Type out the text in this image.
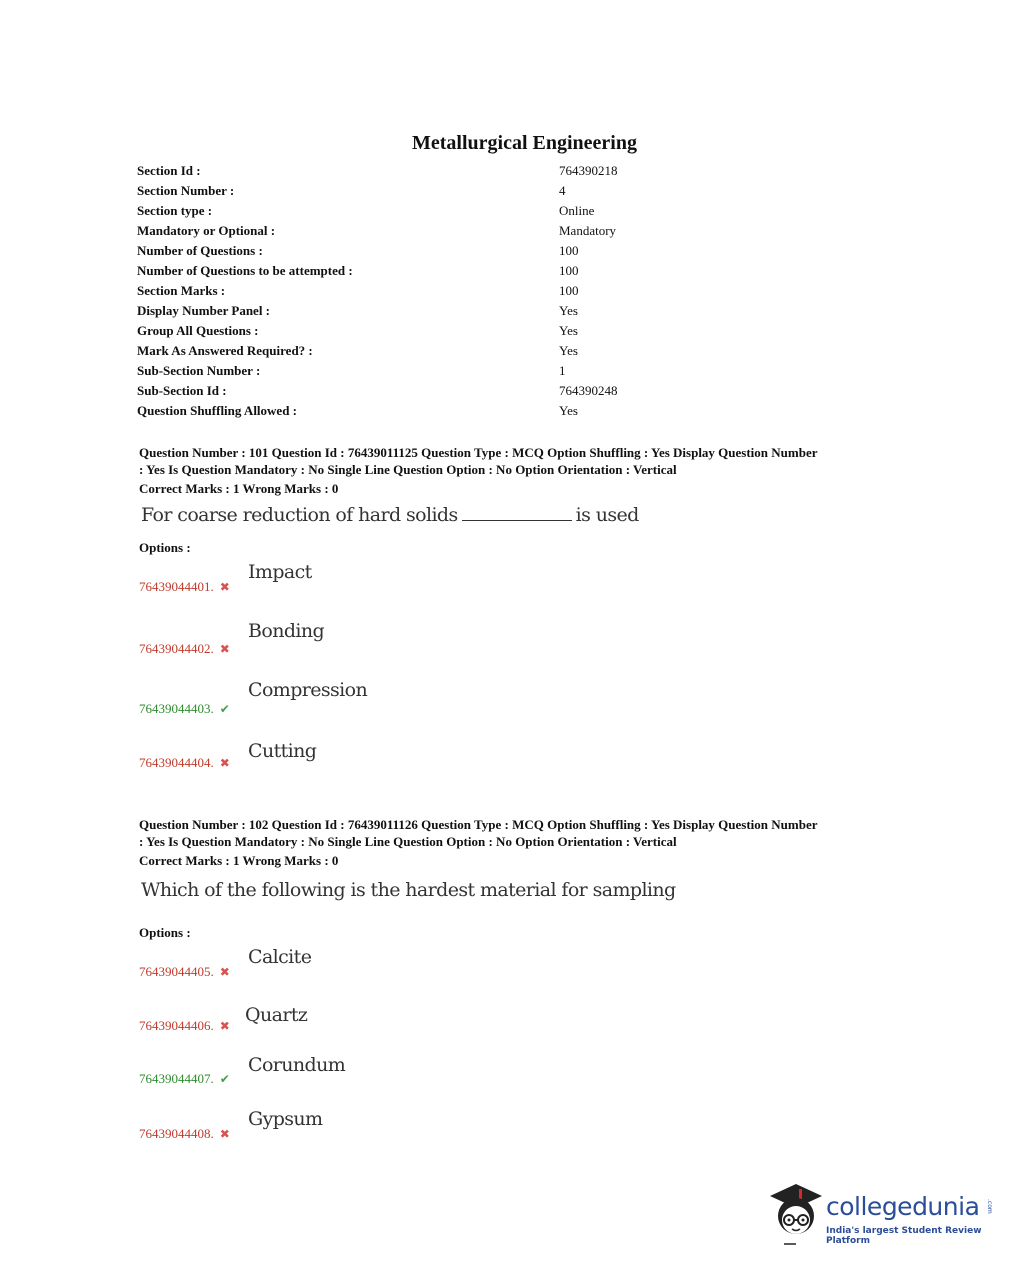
Metallurgical Engineering
Section Id :	764390218
Section Number :	4
Section type :	Online
Mandatory or Optional :	Mandatory
Number of Questions :	100
Number of Questions to be attempted :	100
Section Marks :	100
Display Number Panel :	Yes
Group All Questions :	Yes
Mark As Answered Required? :	Yes
Sub-Section Number :	1
Sub-Section Id :	764390248
Question Shuffling Allowed :	Yes
Question Number : 101 Question Id : 76439011125 Question Type : MCQ Option Shuffling : Yes Display Question Number
: Yes Is Question Mandatory : No Single Line Question Option : No Option Orientation : Vertical
Correct Marks : 1 Wrong Marks : 0
For coarse reduction of hard solids	is used
Options :
Impact
76439044401. ✖
Bonding
76439044402. ✖
Compression
76439044403. ✔
Cutting
76439044404. ✖
Question Number : 102 Question Id : 76439011126 Question Type : MCQ Option Shuffling : Yes Display Question Number
: Yes Is Question Mandatory : No Single Line Question Option : No Option Orientation : Vertical
Correct Marks : 1 Wrong Marks : 0
Which of the following is the hardest material for sampling
Options :
Calcite
76439044405. ✖
Quartz
76439044406. ✖
Corundum
76439044407. ✔
Gypsum
76439044408. ✖
collegedunia .com
India's largest Student Review Platform
